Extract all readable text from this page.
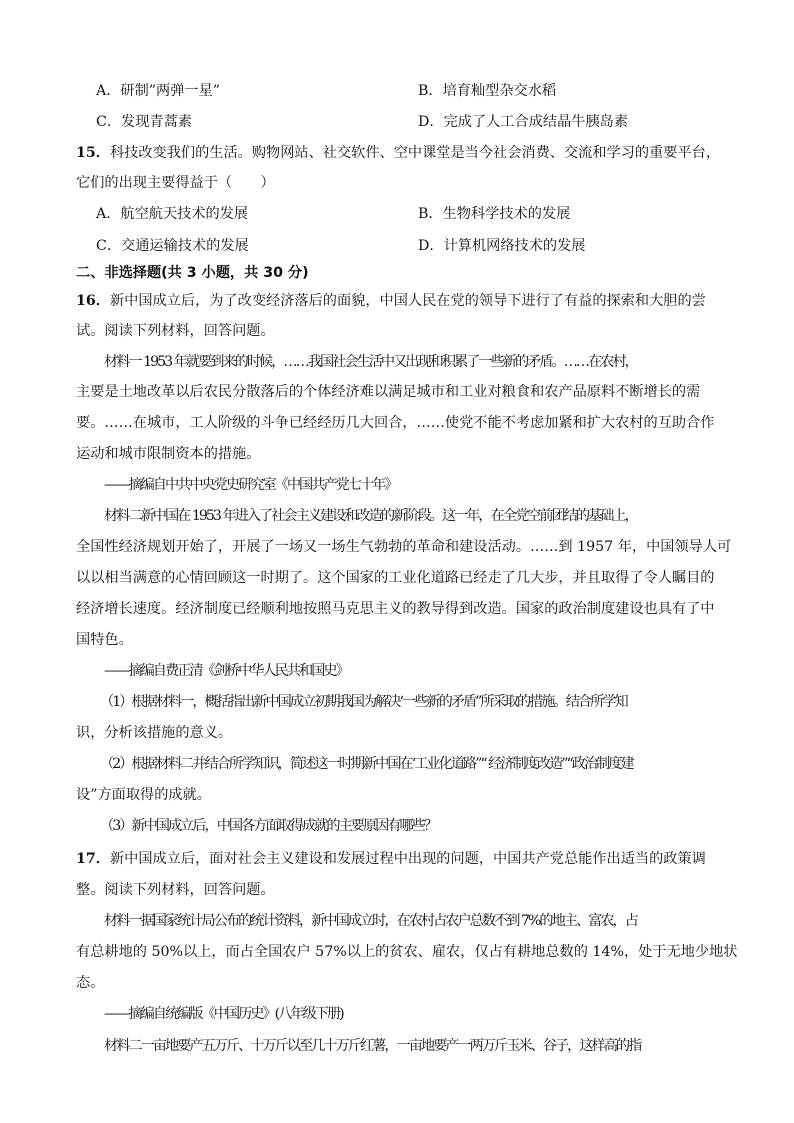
A．研制”两弹一星”	B．培育籼型杂交水稻
C．发现青蒿素	D．完成了人工合成结晶牛胰岛素
15．科技改变我们的生活。购物网站、社交软件、空中课堂是当今社会消费、交流和学习的重要平台，
它们的出现主要得益于（　　）
A．航空航天技术的发展	B．生物科学技术的发展
C．交通运输技术的发展	D．计算机网络技术的发展
二、非选择题(共 3 小题，共 30 分)
16．新中国成立后，为了改变经济落后的面貌，中国人民在党的领导下进行了有益的探索和大胆的尝
试。阅读下列材料，回答问题。
材料一 1953 年就要到来的时候，……我国社会生活中又出现和积累了一些新的矛盾。……在农村，
主要是土地改革以后农民分散落后的个体经济难以满足城市和工业对粮食和农产品原料不断增长的需
要。……在城市，工人阶级的斗争已经经历几大回合，……使党不能不考虑加紧和扩大农村的互助合作
运动和城市限制资本的措施。
——摘编自中共中央党史研究室《中国共产党七十年》
材料二新中国在 1953 年进入了社会主义建设和改造的新阶段。这一年，在全党空前团结的基础上，
全国性经济规划开始了，开展了一场又一场生气勃勃的革命和建设活动。……到 1957 年，中国领导人可
以以相当满意的心情回顾这一时期了。这个国家的工业化道路已经走了几大步，并且取得了令人瞩目的
经济增长速度。经济制度已经顺利地按照马克思主义的教导得到改造。国家的政治制度建设也具有了中
国特色。
——摘编自费正清《剑桥中华人民共和国史》
（1）根据材料一，概括指出新中国成立初期我国为解决‘一些新的矛盾”所采取的措施。结合所学知
识，分析该措施的意义。
（2）根据材料二并结合所学知识，简述这一时期新中国在‘工业化道路”“ 经济制度改造”“政治制度建
设”方面取得的成就。
（3）新中国成立后，中国各方面取得成就的主要原因有哪些？
17．新中国成立后，面对社会主义建设和发展过程中出现的问题，中国共产党总能作出适当的政策调
整。阅读下列材料，回答问题。
材料一据国家统计局公布的统计资料，新中国成立时，在农村占农户总数不到 7%的地主、富农，占
有总耕地的 50%以上，而占全国农户 57%以上的贫农、雇农，仅占有耕地总数的 14%，处于无地少地状
态。
——摘编自统编版《中国历史》(八年级下册)
材料二一亩地要产五万斤、十万斤以至几十万斤红薯，一亩地要产一两万斤玉米、谷子，这样高的指
